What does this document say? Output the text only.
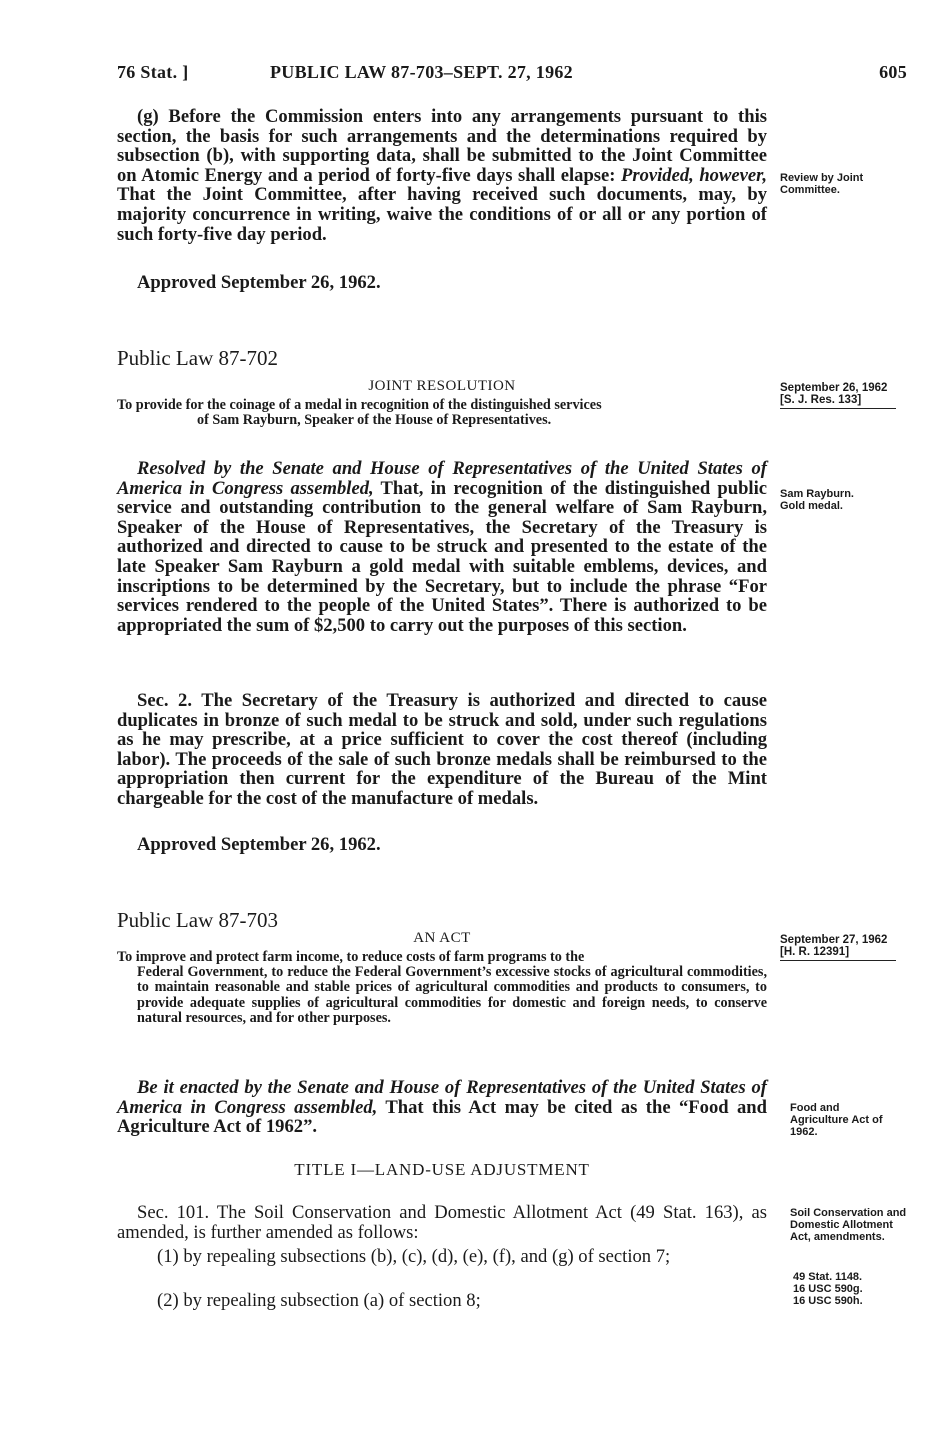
76 Stat. ]	PUBLIC LAW 87-703–SEPT. 27, 1962	605
(g) Before the Commission enters into any arrangements pursuant to this section, the basis for such arrangements and the determinations required by subsection (b), with supporting data, shall be submitted to the Joint Committee on Atomic Energy and a period of forty-five days shall elapse: Provided, however, That the Joint Committee, after having received such documents, may, by majority concurrence in writing, waive the conditions of or all or any portion of such forty-five day period.
Approved September 26, 1962.
Public Law 87-702
JOINT RESOLUTION
To provide for the coinage of a medal in recognition of the distinguished services
of Sam Rayburn, Speaker of the House of Representatives.
Resolved by the Senate and House of Representatives of the United States of America in Congress assembled, That, in recognition of the distinguished public service and outstanding contribution to the general welfare of Sam Rayburn, Speaker of the House of Representatives, the Secretary of the Treasury is authorized and directed to cause to be struck and presented to the estate of the late Speaker Sam Rayburn a gold medal with suitable emblems, devices, and inscriptions to be determined by the Secretary, but to include the phrase “For services rendered to the people of the United States”. There is authorized to be appropriated the sum of $2,500 to carry out the purposes of this section.
Sec. 2. The Secretary of the Treasury is authorized and directed to cause duplicates in bronze of such medal to be struck and sold, under such regulations as he may prescribe, at a price sufficient to cover the cost thereof (including labor). The proceeds of the sale of such bronze medals shall be reimbursed to the appropriation then current for the expenditure of the Bureau of the Mint chargeable for the cost of the manufacture of medals.
Approved September 26, 1962.
Public Law 87-703
AN ACT
To improve and protect farm income, to reduce costs of farm programs to the
Federal Government, to reduce the Federal Government’s excessive stocks of agricultural commodities, to maintain reasonable and stable prices of agricultural commodities and products to consumers, to provide adequate supplies of agricultural commodities for domestic and foreign needs, to conserve natural resources, and for other purposes.
Be it enacted by the Senate and House of Representatives of the United States of America in Congress assembled, That this Act may be cited as the “Food and Agriculture Act of 1962”.
TITLE I—LAND-USE ADJUSTMENT
Sec. 101. The Soil Conservation and Domestic Allotment Act (49 Stat. 163), as amended, is further amended as follows:
(1) by repealing subsections (b), (c), (d), (e), (f), and (g) of section 7;
(2) by repealing subsection (a) of section 8;
Review by Joint Committee.
September 26, 1962
[S. J. Res. 133]
Sam Rayburn. Gold medal.
September 27, 1962
[H. R. 12391]
Food and Agriculture Act of 1962.
Soil Conservation and Domestic Allotment Act, amendments.
49 Stat. 1148.
16 USC 590g.
16 USC 590h.
